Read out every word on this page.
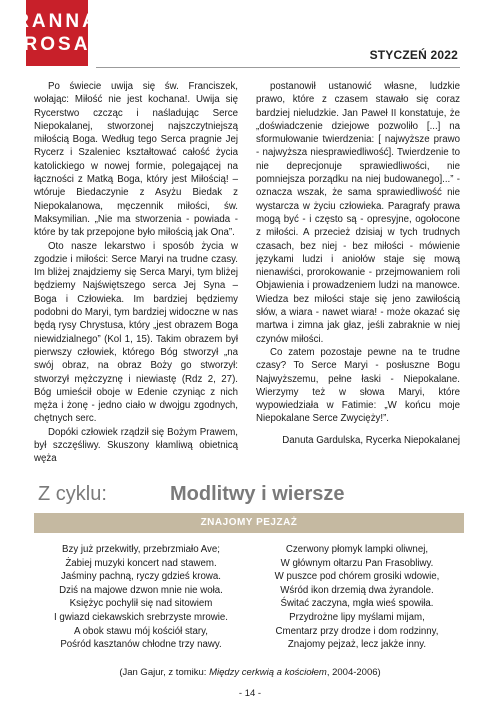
RANNA
ROSA	STYCZEŃ 2022

Po świecie uwija się św. Franciszek, wołając: Miłość nie jest kochana!. Uwija się Rycerstwo czcząc i naśladując Serce Niepokalanej, stworzonej najszczytniejszą miłością Boga. Według tego Serca pragnie Jej Rycerz i Szaleniec kształtować całość życia katolickiego w nowej formie, polegającej na łączności z Matką Boga, który jest Miłością! – wtóruje Biedaczynie z Asyżu Biedak z Niepokalanowa, męczennik miłości, św. Maksymilian. „Nie ma stworzenia - powiada - które by tak przepojone było miłością jak Ona”.

Oto nasze lekarstwo i sposób życia w zgodzie i miłości: Serce Maryi na trudne czasy. Im bliżej znajdziemy się Serca Maryi, tym bliżej będziemy Najświętszego serca Jej Syna – Boga i Człowieka. Im bardziej będziemy podobni do Maryi, tym bardziej widoczne w nas będą rysy Chrystusa, który „jest obrazem Boga niewidzialnego” (Kol 1, 15). Takim obrazem był pierwszy człowiek, którego Bóg stworzył „na swój obraz, na obraz Boży go stworzył: stworzył mężczyznę i niewiastę (Rdz 2, 27). Bóg umieścił oboje w Edenie czyniąc z nich męża i żonę - jedno ciało w dwojgu zgodnych, chętnych serc.

Dopóki człowiek rządził się Bożym Prawem, był szczęśliwy. Skuszony kłamliwą obietnicą węża

postanowił ustanowić własne, ludzkie prawo, które z czasem stawało się coraz bardziej nieludzkie. Jan Paweł II konstatuje, że „doświadczenie dziejowe pozwoliło [...] na sformułowanie twierdzenia: [ najwyższe prawo - najwyższa niesprawiedliwość]. Twierdzenie to nie deprecjonuje sprawiedliwości, nie pomniejsza porządku na niej budowanego]...” - oznacza wszak, że sama sprawiedliwość nie wystarcza w życiu człowieka. Paragrafy prawa mogą być - i często są - opresyjne, ogołocone z miłości. A przecież dzisiaj w tych trudnych czasach, bez niej - bez miłości - mówienie językami ludzi i aniołów staje się mową nienawiści, prorokowanie - przejmowaniem roli Objawienia i prowadzeniem ludzi na manowce. Wiedza bez miłości staje się jeno zawiłością słów, a wiara - nawet wiara! - może okazać się martwa i zimna jak głaz, jeśli zabraknie w niej czynów miłości.

Co zatem pozostaje pewne na te trudne czasy? To Serce Maryi - posłuszne Bogu Najwyższemu, pełne łaski - Niepokalane. Wierzymy też w słowa Maryi, które wypowiedziała w Fatimie: „W końcu moje Niepokalane Serce Zwycięży!”.

Danuta Gardulska, Rycerka Niepokalanej

Z cyklu:	Modlitwy i wiersze
ZNAJOMY PEJZAŻ
Bzy już przekwitły, przebrzmiało Ave;
Żabiej muzyki koncert nad stawem.
Jaśminy pachną, ryczy gdzieś krowa.
Dziś na majowe dzwon mnie nie woła.
Księżyc pochylił się nad sitowiem
I gwiazd ciekawskich srebrzyste mrowie.
A obok stawu mój kościół stary,
Pośród kasztanów chłodne trzy nawy.
Czerwony płomyk lampki oliwnej,
W głównym ołtarzu Pan Frasobliwy.
W puszce pod chórem grosiki wdowie,
Wśród ikon drzemią dwa żyrandole.
Świtać zaczyna, mgła wieś spowiła.
Przydrożne lipy myślami mijam,
Cmentarz przy drodze i dom rodzinny,
Znajomy pejzaż, lecz jakże inny.
(Jan Gajur, z tomiku: Między cerkwią a kościołem, 2004-2006)
- 14 -
